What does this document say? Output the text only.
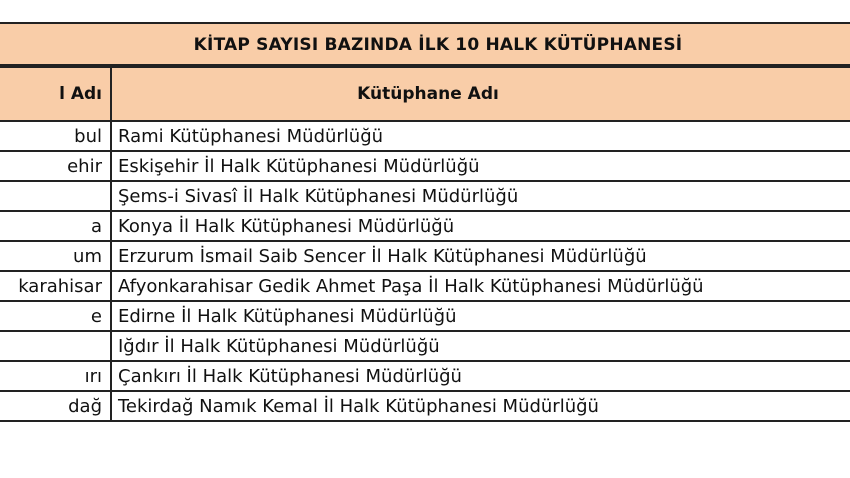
KİTAP SAYISI BAZINDA İLK 10 HALK KÜTÜPHANESİ
l Adı	Kütüphane Adı
bul	Rami Kütüphanesi Müdürlüğü
ehir	Eskişehir İl Halk Kütüphanesi Müdürlüğü
	Şems-i Sivasî İl Halk Kütüphanesi Müdürlüğü
a	Konya İl Halk Kütüphanesi Müdürlüğü
um	Erzurum İsmail Saib Sencer İl Halk Kütüphanesi Müdürlüğü
karahisar	Afyonkarahisar Gedik Ahmet Paşa İl Halk Kütüphanesi Müdürlüğü
e	Edirne İl Halk Kütüphanesi Müdürlüğü
	Iğdır İl Halk Kütüphanesi Müdürlüğü
ırı	Çankırı İl Halk Kütüphanesi Müdürlüğü
dağ	Tekirdağ Namık Kemal İl Halk Kütüphanesi Müdürlüğü
